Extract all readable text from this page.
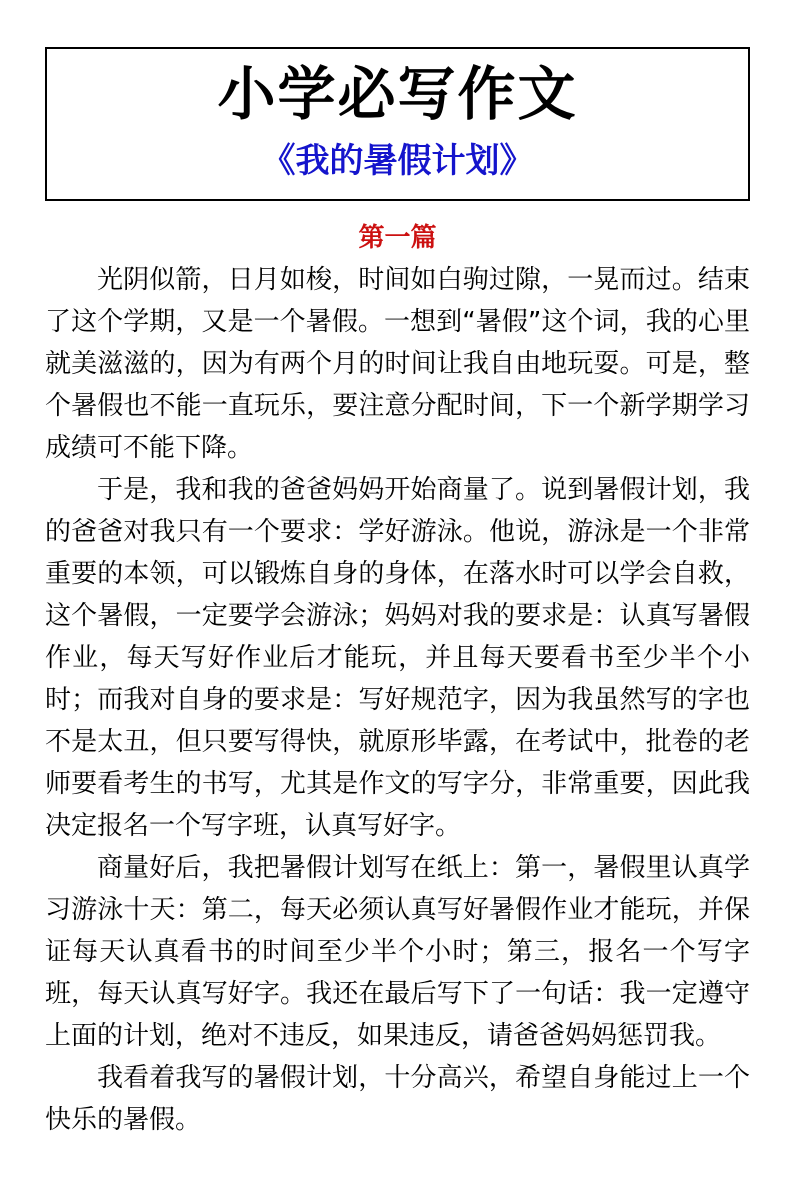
小学必写作文
《我的暑假计划》
第一篇

光阴似箭，日月如梭，时间如白驹过隙，一晃而过。结束了这个学期，又是一个暑假。一想到“暑假”这个词，我的心里就美滋滋的，因为有两个月的时间让我自由地玩耍。可是，整个暑假也不能一直玩乐，要注意分配时间，下一个新学期学习成绩可不能下降。

于是，我和我的爸爸妈妈开始商量了。说到暑假计划，我的爸爸对我只有一个要求：学好游泳。他说，游泳是一个非常重要的本领，可以锻炼自身的身体，在落水时可以学会自救，这个暑假，一定要学会游泳；妈妈对我的要求是：认真写暑假作业，每天写好作业后才能玩，并且每天要看书至少半个小时；而我对自身的要求是：写好规范字，因为我虽然写的字也不是太丑，但只要写得快，就原形毕露，在考试中，批卷的老师要看考生的书写，尤其是作文的写字分，非常重要，因此我决定报名一个写字班，认真写好字。

商量好后，我把暑假计划写在纸上：第一，暑假里认真学习游泳十天：第二，每天必须认真写好暑假作业才能玩，并保证每天认真看书的时间至少半个小时；第三，报名一个写字班，每天认真写好字。我还在最后写下了一句话：我一定遵守上面的计划，绝对不违反，如果违反，请爸爸妈妈惩罚我。

我看着我写的暑假计划，十分高兴，希望自身能过上一个快乐的暑假。
